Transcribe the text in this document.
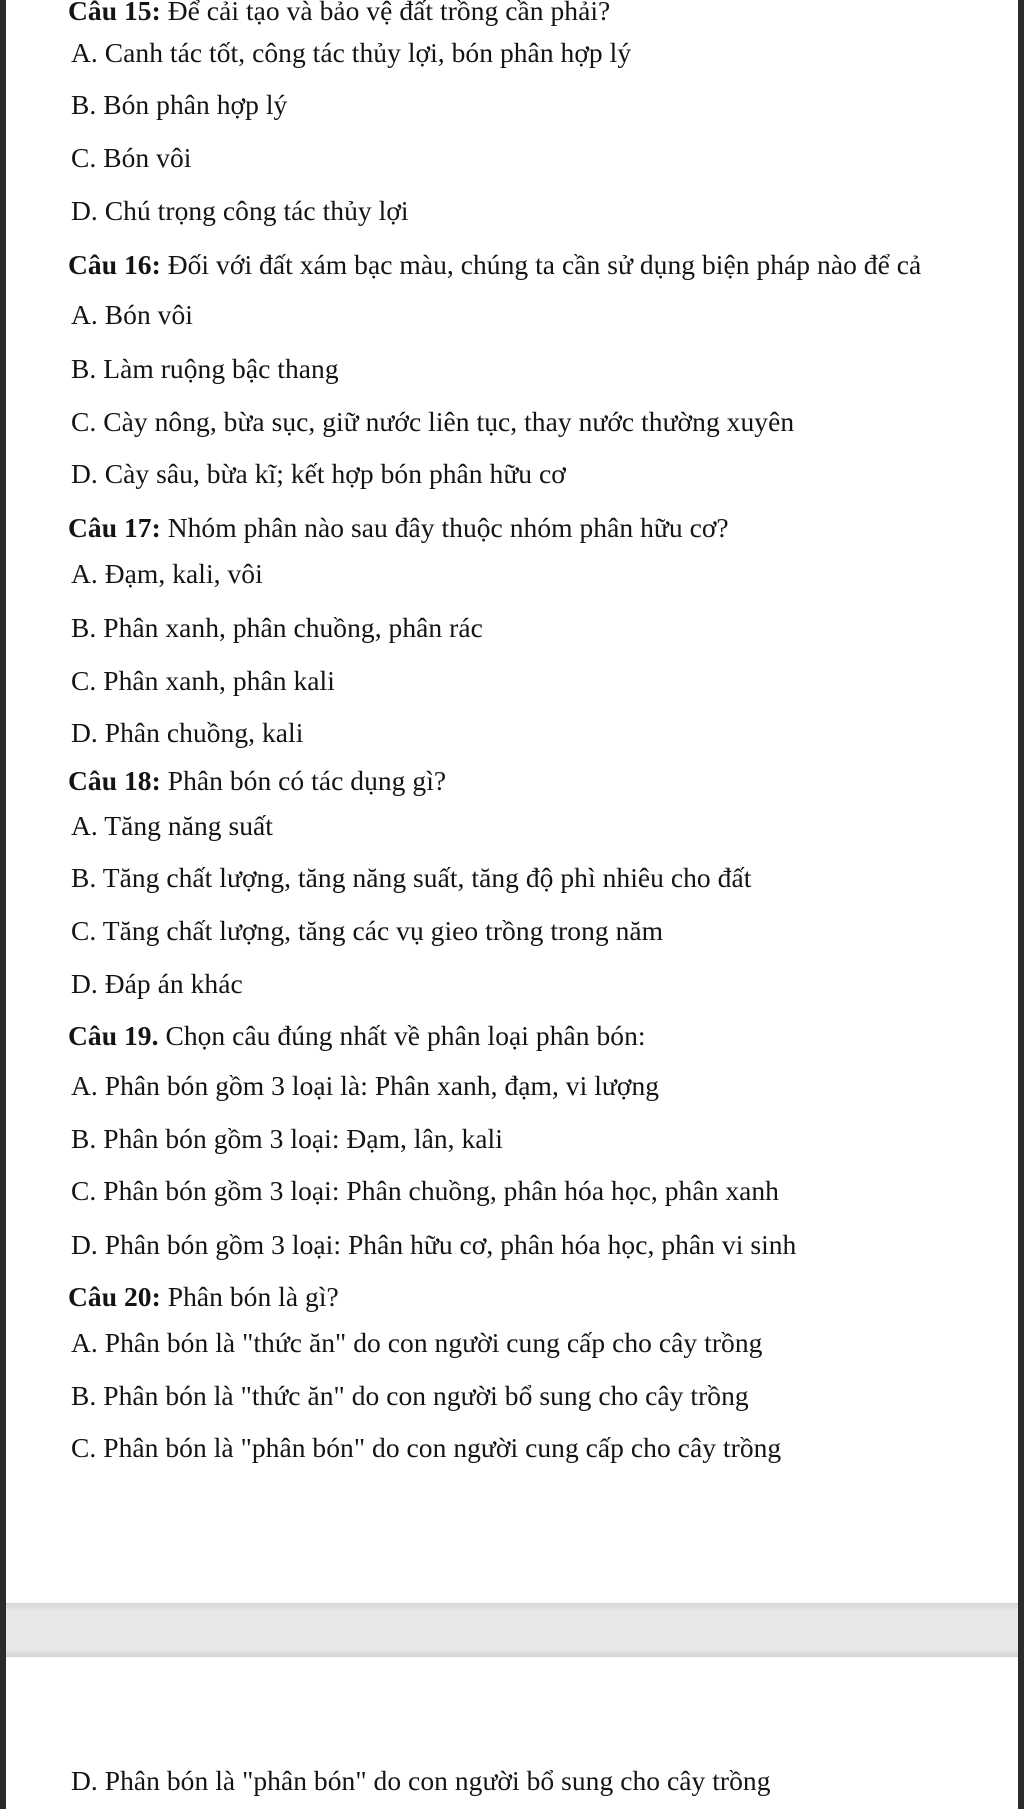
Câu 15: Để cải tạo và bảo vệ đất trồng cần phải?
A. Canh tác tốt, công tác thủy lợi, bón phân hợp lý
B. Bón phân hợp lý
C. Bón vôi
D. Chú trọng công tác thủy lợi
Câu 16: Đối với đất xám bạc màu, chúng ta cần sử dụng biện pháp nào để cả
A. Bón vôi
B. Làm ruộng bậc thang
C. Cày nông, bừa sục, giữ nước liên tục, thay nước thường xuyên
D. Cày sâu, bừa kĩ; kết hợp bón phân hữu cơ
Câu 17: Nhóm phân nào sau đây thuộc nhóm phân hữu cơ?
A. Đạm, kali, vôi
B. Phân xanh, phân chuồng, phân rác
C. Phân xanh, phân kali
D. Phân chuồng, kali
Câu 18: Phân bón có tác dụng gì?
A. Tăng năng suất
B. Tăng chất lượng, tăng năng suất, tăng độ phì nhiêu cho đất
C. Tăng chất lượng, tăng các vụ gieo trồng trong năm
D. Đáp án khác
Câu 19. Chọn câu đúng nhất về phân loại phân bón:
A. Phân bón gồm 3 loại là: Phân xanh, đạm, vi lượng
B. Phân bón gồm 3 loại: Đạm, lân, kali
C. Phân bón gồm 3 loại: Phân chuồng, phân hóa học, phân xanh
D. Phân bón gồm 3 loại: Phân hữu cơ, phân hóa học, phân vi sinh
Câu 20: Phân bón là gì?
A. Phân bón là "thức ăn" do con người cung cấp cho cây trồng
B. Phân bón là "thức ăn" do con người bổ sung cho cây trồng
C. Phân bón là "phân bón" do con người cung cấp cho cây trồng
D. Phân bón là "phân bón" do con người bổ sung cho cây trồng
